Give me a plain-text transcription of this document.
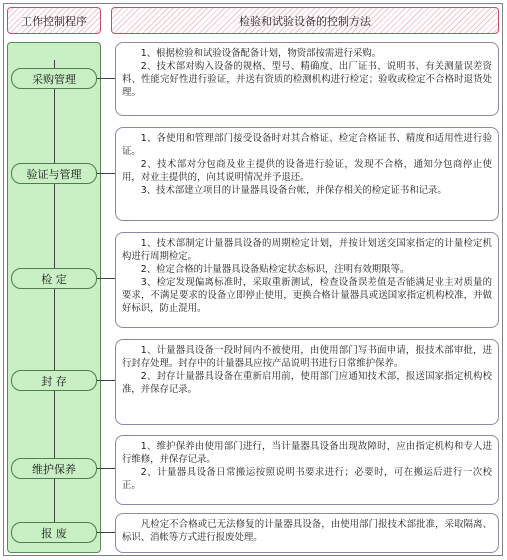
工作控制程序	检验和试验设备的控制方法
采购管理

1、根据检验和试验设备配备计划，物资部按需进行采购。

2、技术部对购入设备的规格、型号、精确度、出厂证书、说明书、有关测量误差资料、性能完好性进行验证，并送有资质的检测机构进行检定；验收或检定不合格时退货处理。

验证与管理

1、各使用和管理部门接受设备时对其合格证、检定合格证书、精度和适用性进行验证。

2、技术部对分包商及业主提供的设备进行验证，发现不合格，通知分包商停止使用，对业主提供的，向其说明情况并予退还。

3、技术部建立项目的计量器具设备台帐，并保存相关的检定证书和记录。

检 定

1、技术部制定计量器具设备的周期检定计划，并按计划送交国家指定的计量检定机构进行周期检定。

2、检定合格的计量器具设备贴检定状态标识，注明有效期限等。

3、检定发现偏离标准时，采取重新测试，检查设备误差值是否能满足业主对质量的要求，不满足要求的设备立即停止使用，更换合格计量器具或送国家指定机构校准，并做好标识，防止混用。

封 存

1、计量器具设备一段时间内不被使用，由使用部门写书面申请，报技术部审批，进行封存处理。封存中的计量器具应按产品说明书进行日常维护保养。

2、封存计量器具设备在重新启用前，使用部门应通知技术部，报送国家指定机构校准，并保存记录。

维护保养

1、维护保养由使用部门进行，当计量器具设备出现故障时，应由指定机构和专人进行维修，并保存记录。

2、计量器具设备日常搬运按照说明书要求进行；必要时，可在搬运后进行一次校正。

报 废

凡检定不合格或已无法修复的计量器具设备，由使用部门报技术部批准，采取隔离、标识、消帐等方式进行报废处理。
